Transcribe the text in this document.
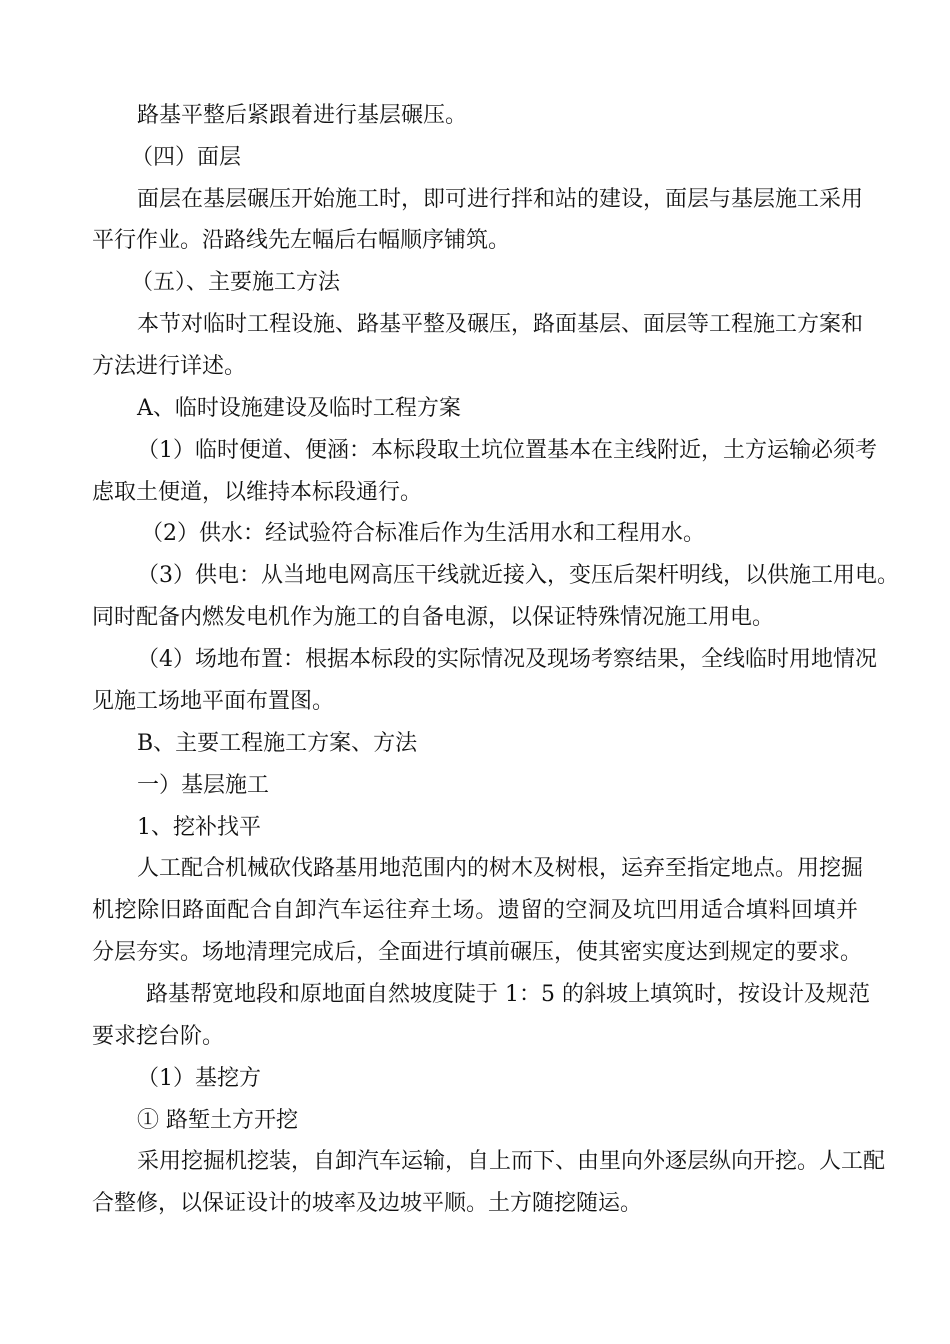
路基平整后紧跟着进行基层碾压。
（四）面层
面层在基层碾压开始施工时，即可进行拌和站的建设，面层与基层施工采用
平行作业。沿路线先左幅后右幅顺序铺筑。
（五）、主要施工方法
本节对临时工程设施、路基平整及碾压，路面基层、面层等工程施工方案和
方法进行详述。
A、临时设施建设及临时工程方案
（1）临时便道、便涵：本标段取土坑位置基本在主线附近，土方运输必须考
虑取土便道，以维持本标段通行。
（2）供水：经试验符合标准后作为生活用水和工程用水。
（3）供电：从当地电网高压干线就近接入，变压后架杆明线，以供施工用电。
同时配备内燃发电机作为施工的自备电源，以保证特殊情况施工用电。
（4）场地布置：根据本标段的实际情况及现场考察结果，全线临时用地情况
见施工场地平面布置图。
B、主要工程施工方案、方法
一）基层施工
1、挖补找平
人工配合机械砍伐路基用地范围内的树木及树根，运弃至指定地点。用挖掘
机挖除旧路面配合自卸汽车运往弃土场。遗留的空洞及坑凹用适合填料回填并
分层夯实。场地清理完成后，全面进行填前碾压，使其密实度达到规定的要求。
路基帮宽地段和原地面自然坡度陡于 1：5 的斜坡上填筑时，按设计及规范
要求挖台阶。
（1）基挖方
① 路堑土方开挖
采用挖掘机挖装，自卸汽车运输，自上而下、由里向外逐层纵向开挖。人工配
合整修，以保证设计的坡率及边坡平顺。土方随挖随运。
